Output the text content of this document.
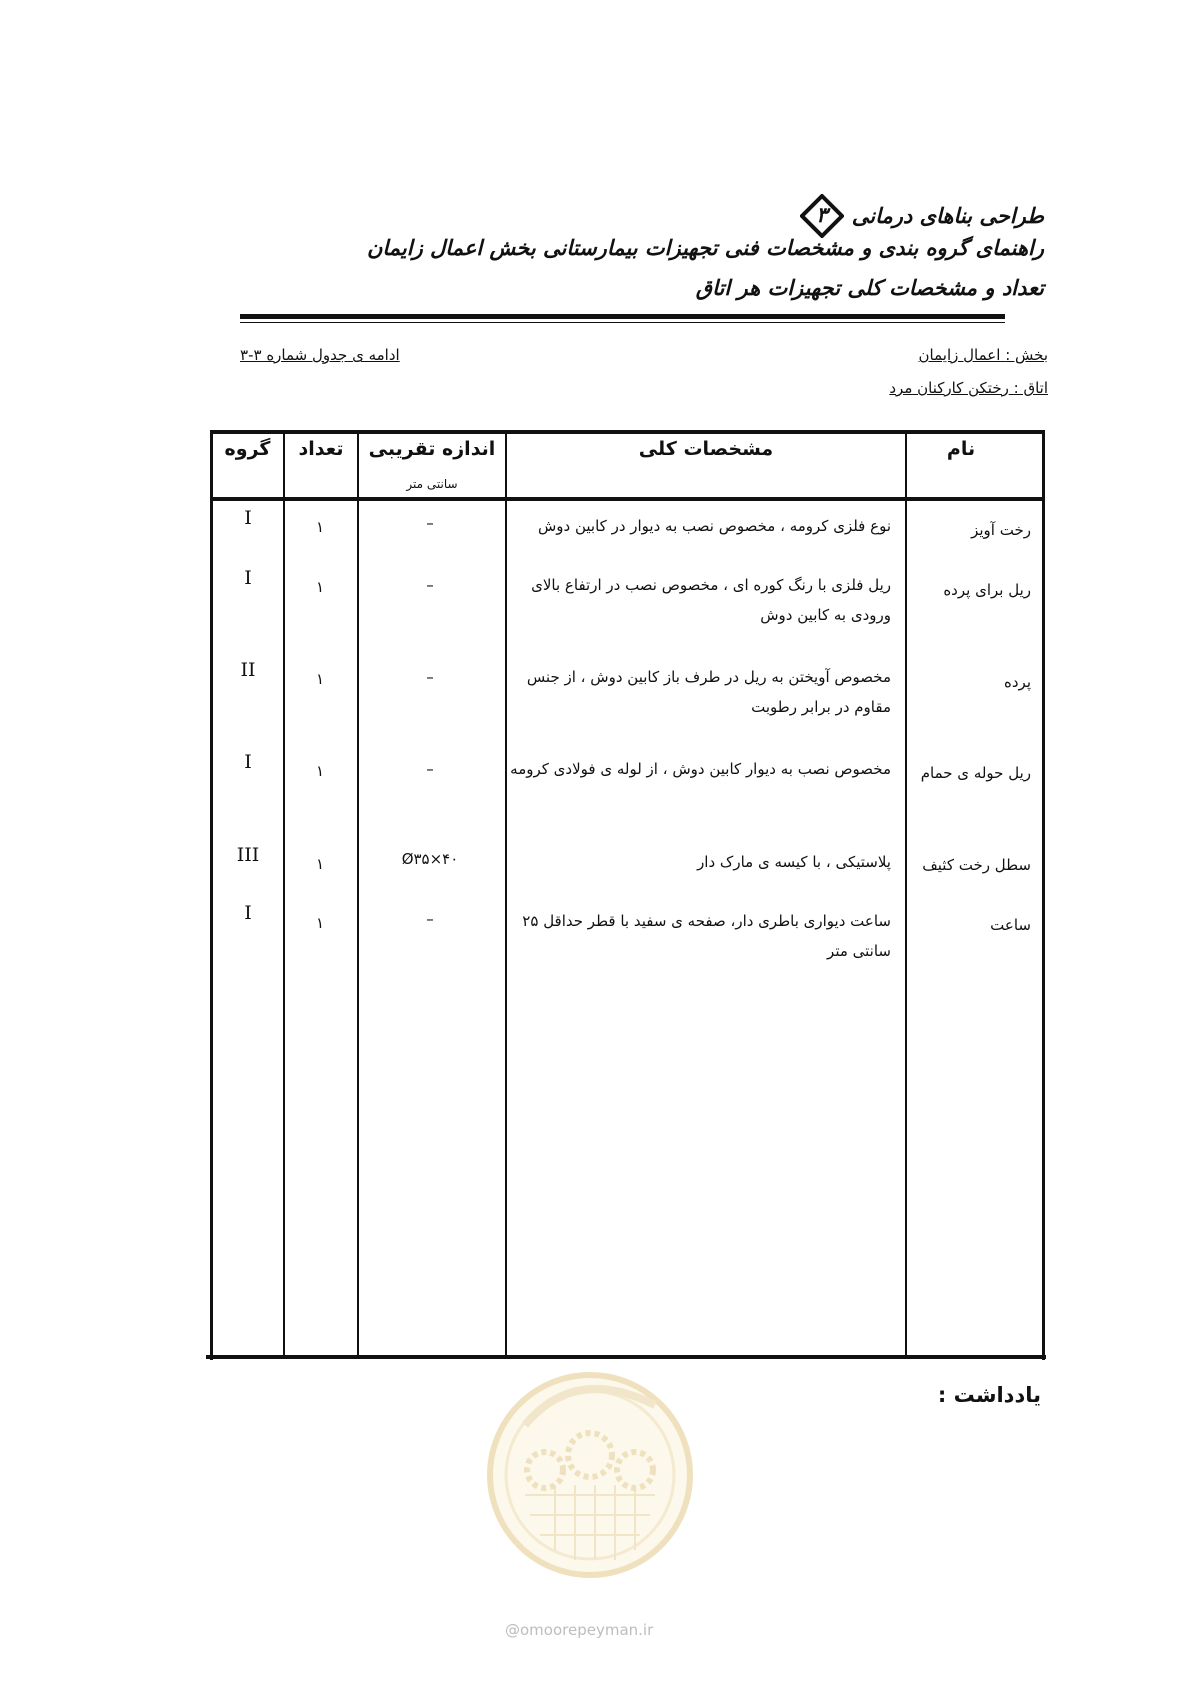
طراحی بناهای درمانی
۳
راهنمای گروه بندی و مشخصات فنی تجهیزات بیمارستانی بخش اعمال زایمان
تعداد و مشخصات کلی تجهیزات هر اتاق
بخش : اعمال زایمان
اتاق : رختکن کارکنان مرد
ادامه ی جدول شماره ۳-۳
نام
مشخصات کلی
اندازه تقریبی
سانتی متر
تعداد
گروه
رخت آویز
نوع فلزی کرومه ، مخصوص نصب به دیوار در کابین دوش
–
۱
I
ریل برای پرده
ریل فلزی با رنگ کوره ای ، مخصوص نصب در ارتفاع بالای ورودی به کابین دوش
–
۱
I
پرده
مخصوص آویختن به ریل در طرف باز کابین دوش ، از جنس مقاوم در برابر رطوبت
–
۱
II
ریل حوله ی حمام
مخصوص نصب به دیوار کابین دوش ، از لوله ی فولادی کرومه
–
۱
I
سطل رخت کثیف
پلاستیکی ، با کیسه ی مارک دار
Ø۳۵×۴۰
۱
III
ساعت
ساعت دیواری باطری دار، صفحه ی سفید با قطر حداقل ۲۵ سانتی متر
–
۱
I
یادداشت :
@omoorepeyman.ir
